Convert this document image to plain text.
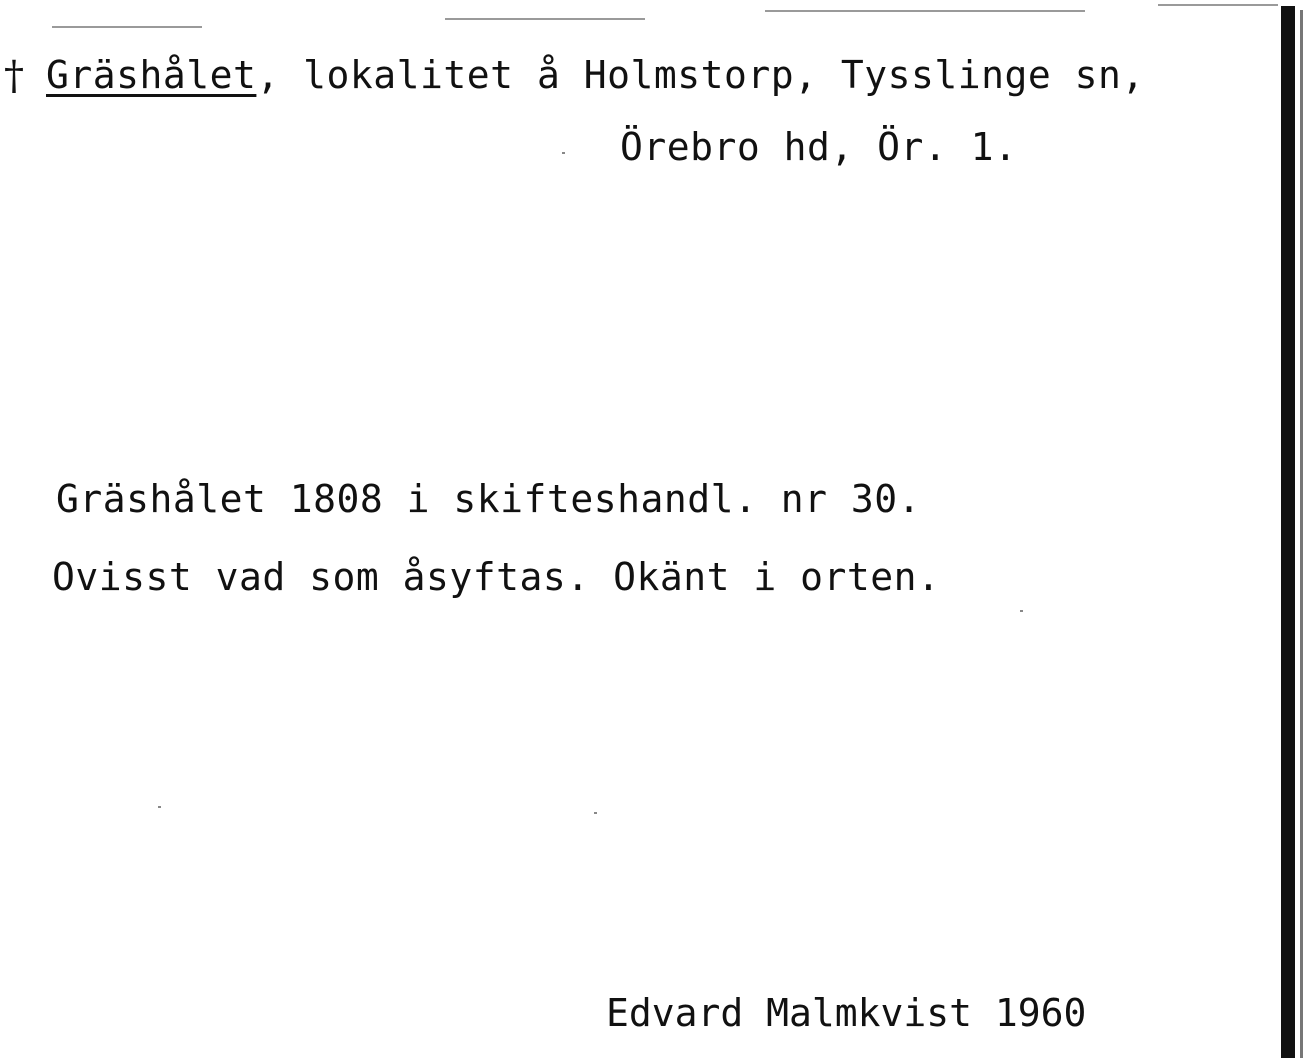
† Gräshålet, lokalitet å Holmstorp, Tysslinge sn,
Örebro hd, Ör. 1.
Gräshålet 1808 i skifteshandl. nr 30.
Ovisst vad som åsyftas. Okänt i orten.
Edvard Malmkvist 1960
